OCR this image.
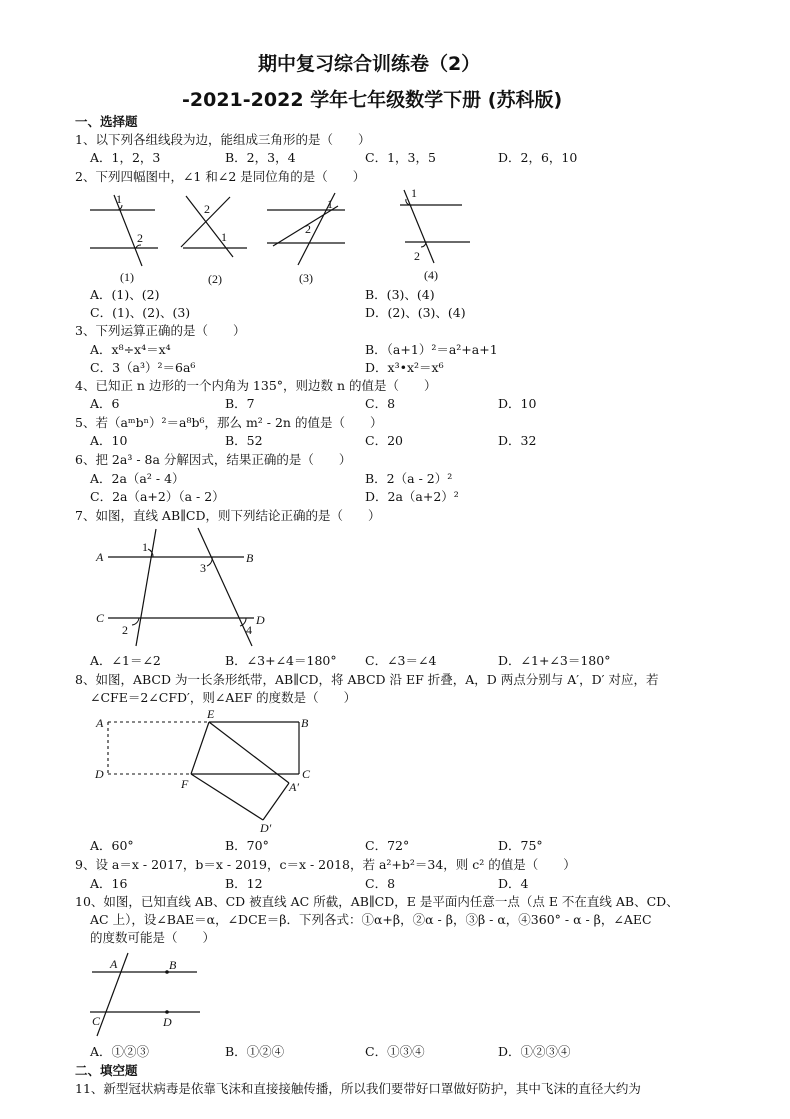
期中复习综合训练卷（2）
-2021-2022 学年七年级数学下册 (苏科版)
一、选择题
1、以下列各组线段为边，能组成三角形的是（　　）
A．1，2，3	B．2，3，4	C．1，3，5	D．2，6，10
2、下列四幅图中，∠1 和∠2 是同位角的是（　　）
1
2
(1)
2
1
(2)
1
2
(3)
1
2
(4)
A．(1)、(2)	B．(3)、(4)
C．(1)、(2)、(3)	D．(2)、(3)、(4)
3、下列运算正确的是（　　）
A．x⁸÷x⁴＝x⁴	B．（a+1）²＝a²+a+1
C．3（a³）²＝6a⁶	D．x³•x²＝x⁶
4、已知正 n 边形的一个内角为 135°，则边数 n 的值是（　　）
A．6	B．7	C．8	D．10
5、若（aᵐbⁿ）²＝a⁸b⁶，那么 m² - 2n 的值是（　　）
A．10	B．52	C．20	D．32
6、把 2a³ - 8a 分解因式，结果正确的是（　　）
A．2a（a² - 4）	B．2（a - 2）²
C．2a（a+2）（a - 2）	D．2a（a+2）²
7、如图，直线 AB∥CD，则下列结论正确的是（　　）
A	B
C	D
1
3
2	4
A．∠1＝∠2	B．∠3+∠4＝180° C．∠3＝∠4	D．∠1+∠3＝180°
8、如图，ABCD 为一长条形纸带，AB∥CD，将 ABCD 沿 EF 折叠，A，D 两点分别与 A′，D′ 对应，若
∠CFE＝2∠CFD′，则∠AEF 的度数是（　　）
A
E
B
D
F
C
A′
D′
A．60°	B．70°	C．72°	D．75°
9、设 a＝x - 2017，b＝x - 2019，c＝x - 2018，若 a²+b²＝34，则 c² 的值是（　　）
A．16	B．12	C．8	D．4
10、如图，已知直线 AB、CD 被直线 AC 所截，AB∥CD，E 是平面内任意一点（点 E 不在直线 AB、CD、
AC 上），设∠BAE＝α，∠DCE＝β．下列各式：①α+β，②α - β，③β - α，④360° - α - β，∠AEC
的度数可能是（　　）
A	B
C	D
A．①②③	B．①②④	C．①③④	D．①②③④
二、填空题
11、新型冠状病毒是依靠飞沫和直接接触传播，所以我们要带好口罩做好防护，其中飞沫的直径大约为
